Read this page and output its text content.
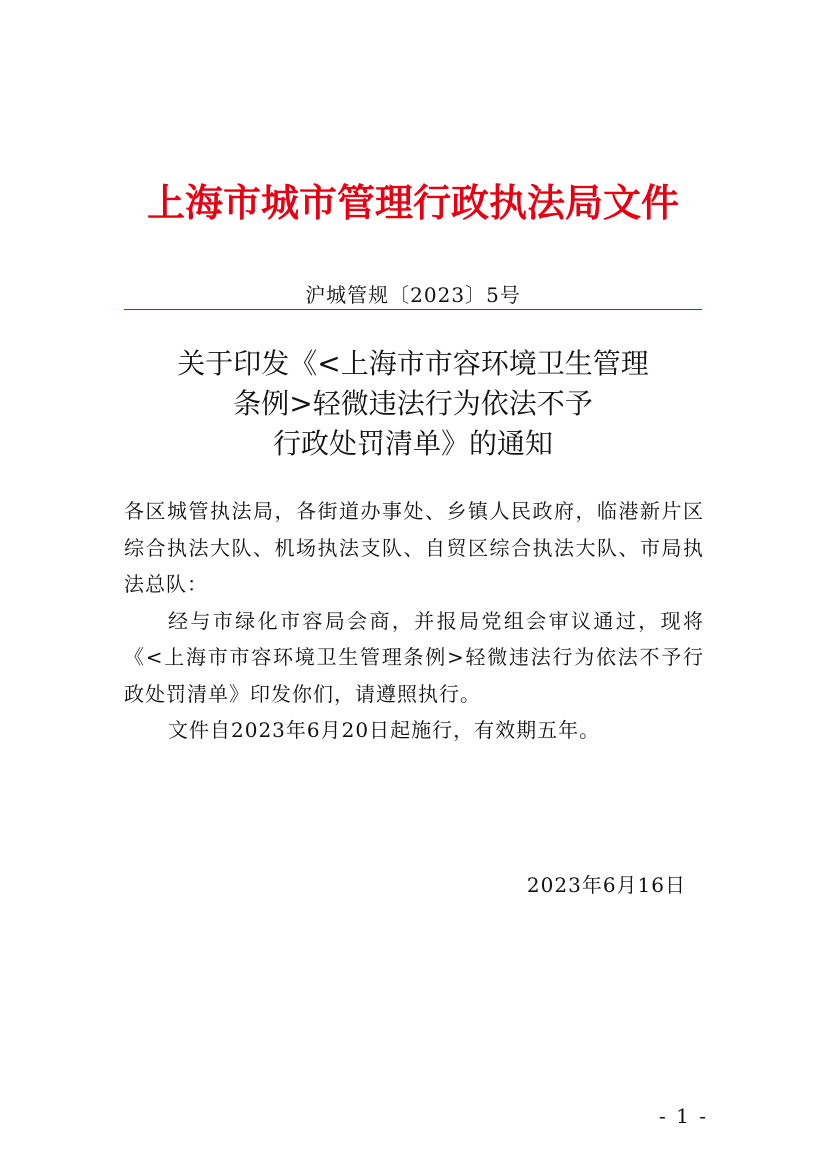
上海市城市管理行政执法局文件
沪城管规〔2023〕5号
关于印发《<上海市市容环境卫生管理
条例>轻微违法行为依法不予
行政处罚清单》的通知

各区城管执法局，各街道办事处、乡镇人民政府，临港新片区综合执法大队、机场执法支队、自贸区综合执法大队、市局执法总队：

经与市绿化市容局会商，并报局党组会审议通过，现将《<上海市市容环境卫生管理条例>轻微违法行为依法不予行政处罚清单》印发你们，请遵照执行。

文件自2023年6月20日起施行，有效期五年。

2023年6月16日
- 1 -
